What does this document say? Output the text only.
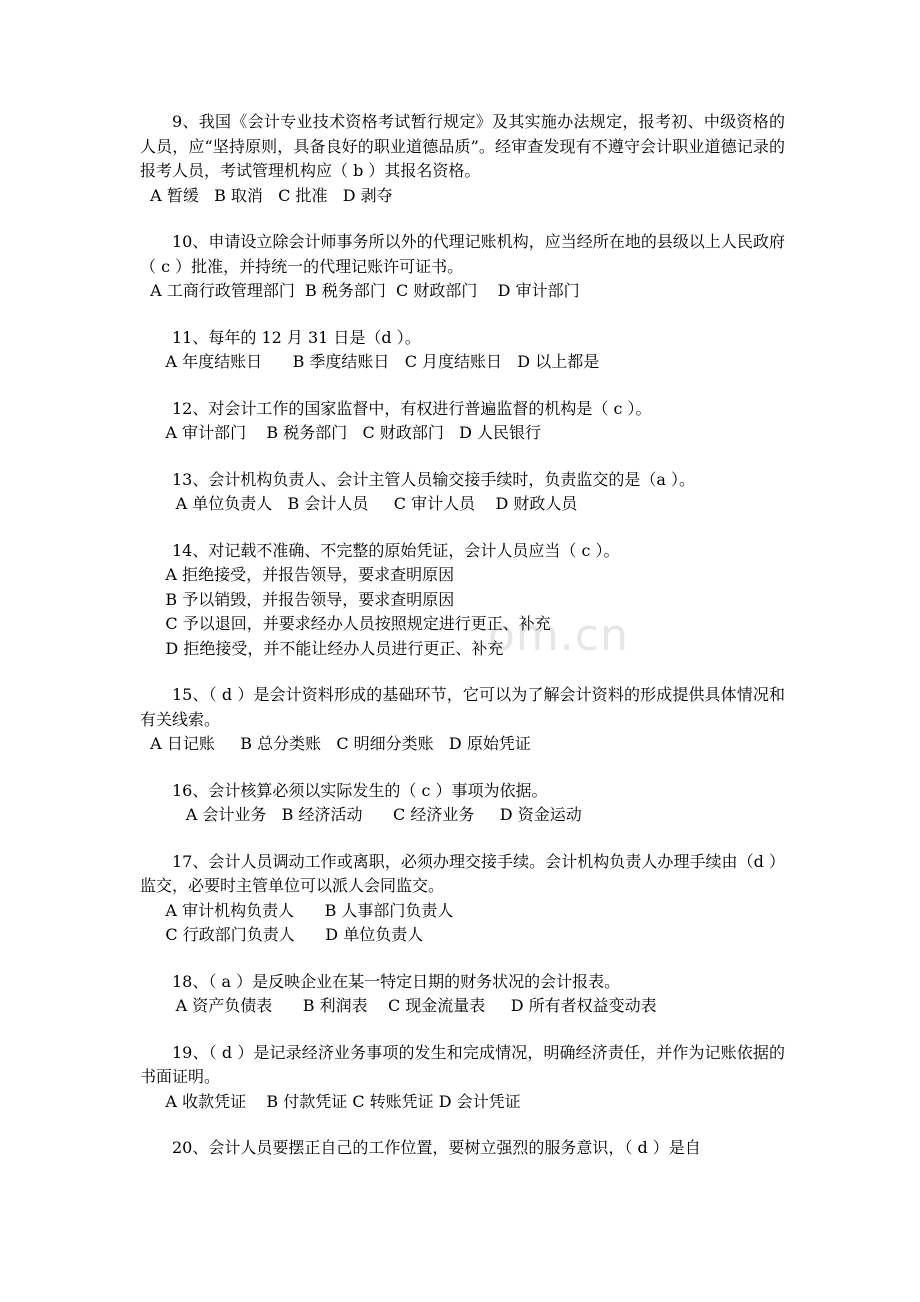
om.cn

9、我国《会计专业技术资格考试暂行规定》及其实施办法规定，报考初、中级资格的人员，应“坚持原则，具备良好的职业道德品质”。经审查发现有不遵守会计职业道德记录的报考人员，考试管理机构应（ b ）其报名资格。

A 暂缓   B 取消   C 批准   D 剥夺

10、申请设立除会计师事务所以外的代理记账机构，应当经所在地的县级以上人民政府（ c ）批准，并持统一的代理记账许可证书。

A 工商行政管理部门  B 税务部门  C 财政部门    D 审计部门

11、每年的 12 月 31 日是（d ）。

A 年度结账日      B 季度结账日   C 月度结账日   D 以上都是

12、对会计工作的国家监督中，有权进行普遍监督的机构是（ c ）。

A 审计部门    B 税务部门   C 财政部门   D 人民银行

13、会计机构负责人、会计主管人员输交接手续时，负责监交的是（a ）。

A 单位负责人   B 会计人员     C 审计人员    D 财政人员

14、对记载不准确、不完整的原始凭证，会计人员应当（ c ）。

A 拒绝接受，并报告领导，要求查明原因
B 予以销毁，并报告领导，要求查明原因
C 予以退回，并要求经办人员按照规定进行更正、补充
D 拒绝接受，并不能让经办人员进行更正、补充

15、（ d ）是会计资料形成的基础环节，它可以为了解会计资料的形成提供具体情况和有关线索。

A 日记账     B 总分类账   C 明细分类账   D 原始凭证

16、会计核算必须以实际发生的（ c ）事项为依据。

A 会计业务   B 经济活动      C 经济业务     D 资金运动

17、会计人员调动工作或离职，必须办理交接手续。会计机构负责人办理手续由（d ）监交，必要时主管单位可以派人会同监交。

A 审计机构负责人      B 人事部门负责人
C 行政部门负责人      D 单位负责人

18、（ a ）是反映企业在某一特定日期的财务状况的会计报表。

A 资产负债表      B 利润表    C 现金流量表     D 所有者权益变动表

19、（ d ）是记录经济业务事项的发生和完成情况，明确经济责任，并作为记账依据的书面证明。

A 收款凭证    B 付款凭证 C 转账凭证 D 会计凭证

20、会计人员要摆正自己的工作位置，要树立强烈的服务意识，（ d ）是自
